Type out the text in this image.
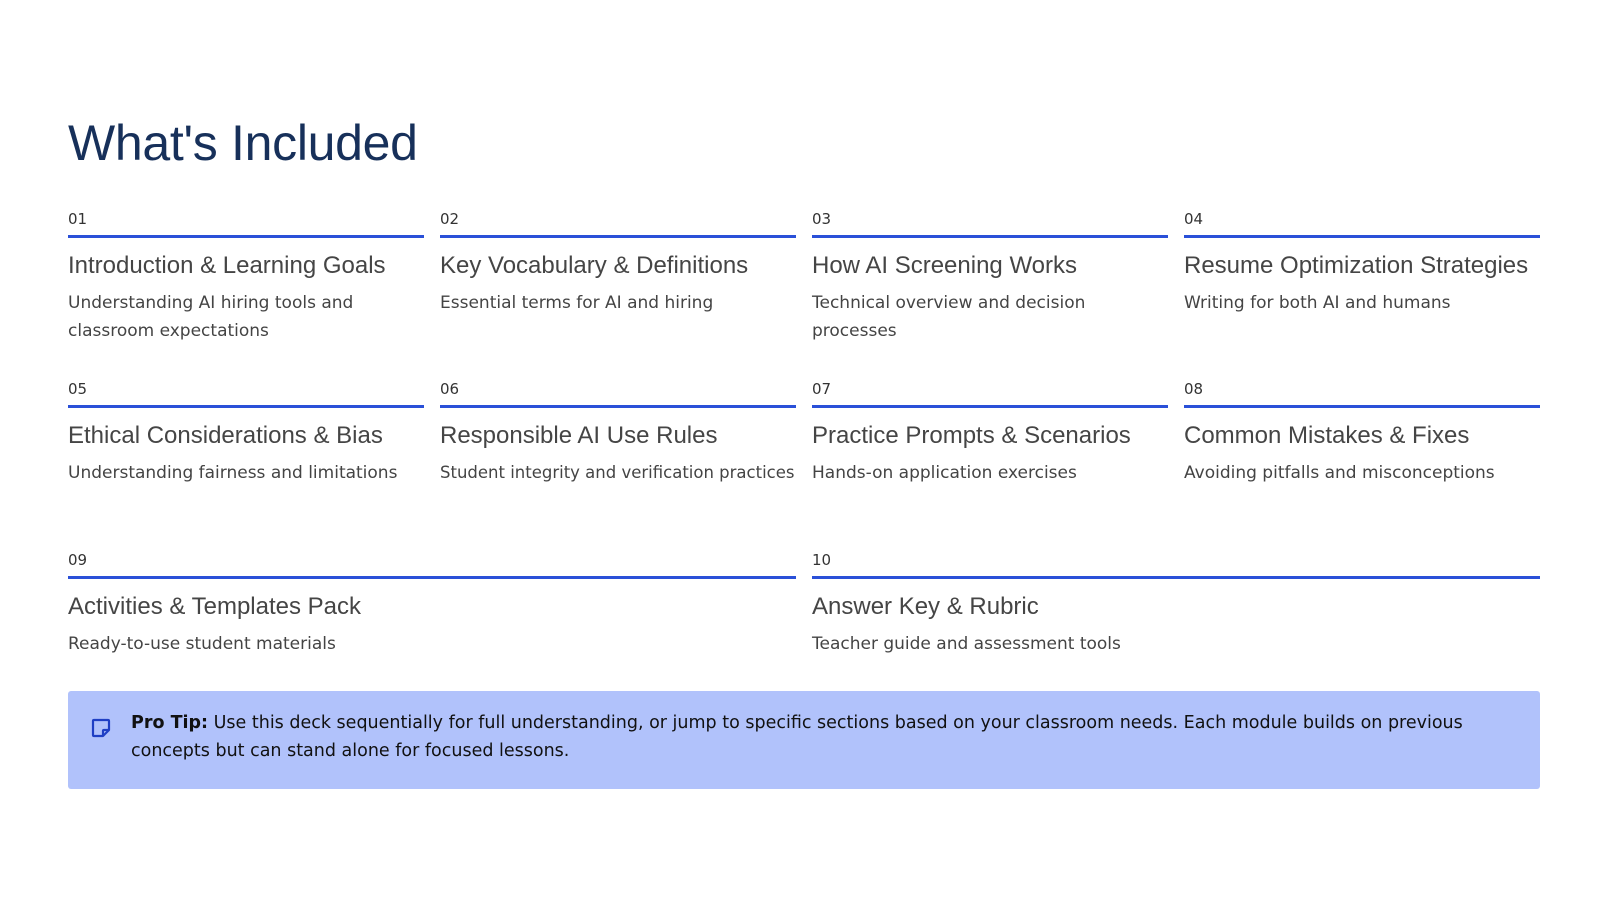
What's Included
01
Introduction & Learning Goals
Understanding AI hiring tools and classroom expectations
02
Key Vocabulary & Definitions
Essential terms for AI and hiring
03
How AI Screening Works
Technical overview and decision processes
04
Resume Optimization Strategies
Writing for both AI and humans
05
Ethical Considerations & Bias
Understanding fairness and limitations
06
Responsible AI Use Rules
Student integrity and verification practices
07
Practice Prompts & Scenarios
Hands-on application exercises
08
Common Mistakes & Fixes
Avoiding pitfalls and misconceptions
09
Activities & Templates Pack
Ready-to-use student materials
10
Answer Key & Rubric
Teacher guide and assessment tools
Pro Tip: Use this deck sequentially for full understanding, or jump to specific sections based on your classroom needs. Each module builds on previous concepts but can stand alone for focused lessons.
